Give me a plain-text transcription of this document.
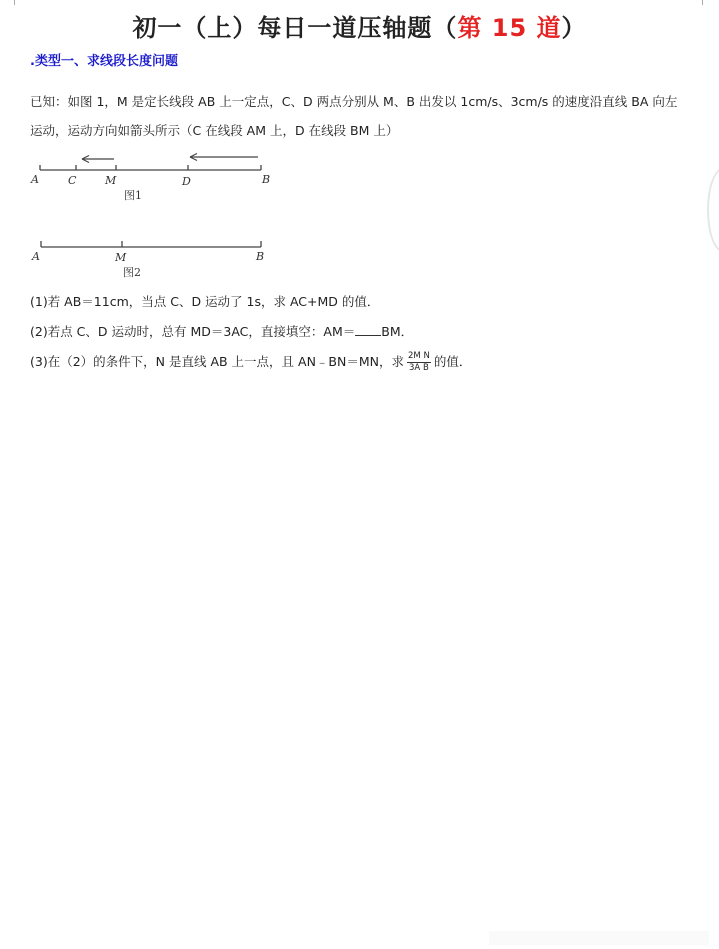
初一（上）每日一道压轴题（第 15 道）
.类型一、求线段长度问题
已知：如图 1，M 是定长线段 AB 上一定点，C、D 两点分别从 M、B 出发以 1cm/s、3cm/s 的速度沿直线 BA 向左
运动，运动方向如箭头所示（C 在线段 AM 上，D 在线段 BM 上）
A	C	M	D	B
图1
A	M	B
图2
(1)若 AB＝11cm，当点 C、D 运动了 1s，求 AC+MD 的值．
(2)若点 C、D 运动时，总有 MD＝3AC，直接填空：AM＝ BM．
(3)在（2）的条件下，N 是直线 AB 上一点，且 AN﹣BN＝MN，求 $\frac{\text{2M N}}{\text{3A B}}$ 的值．
